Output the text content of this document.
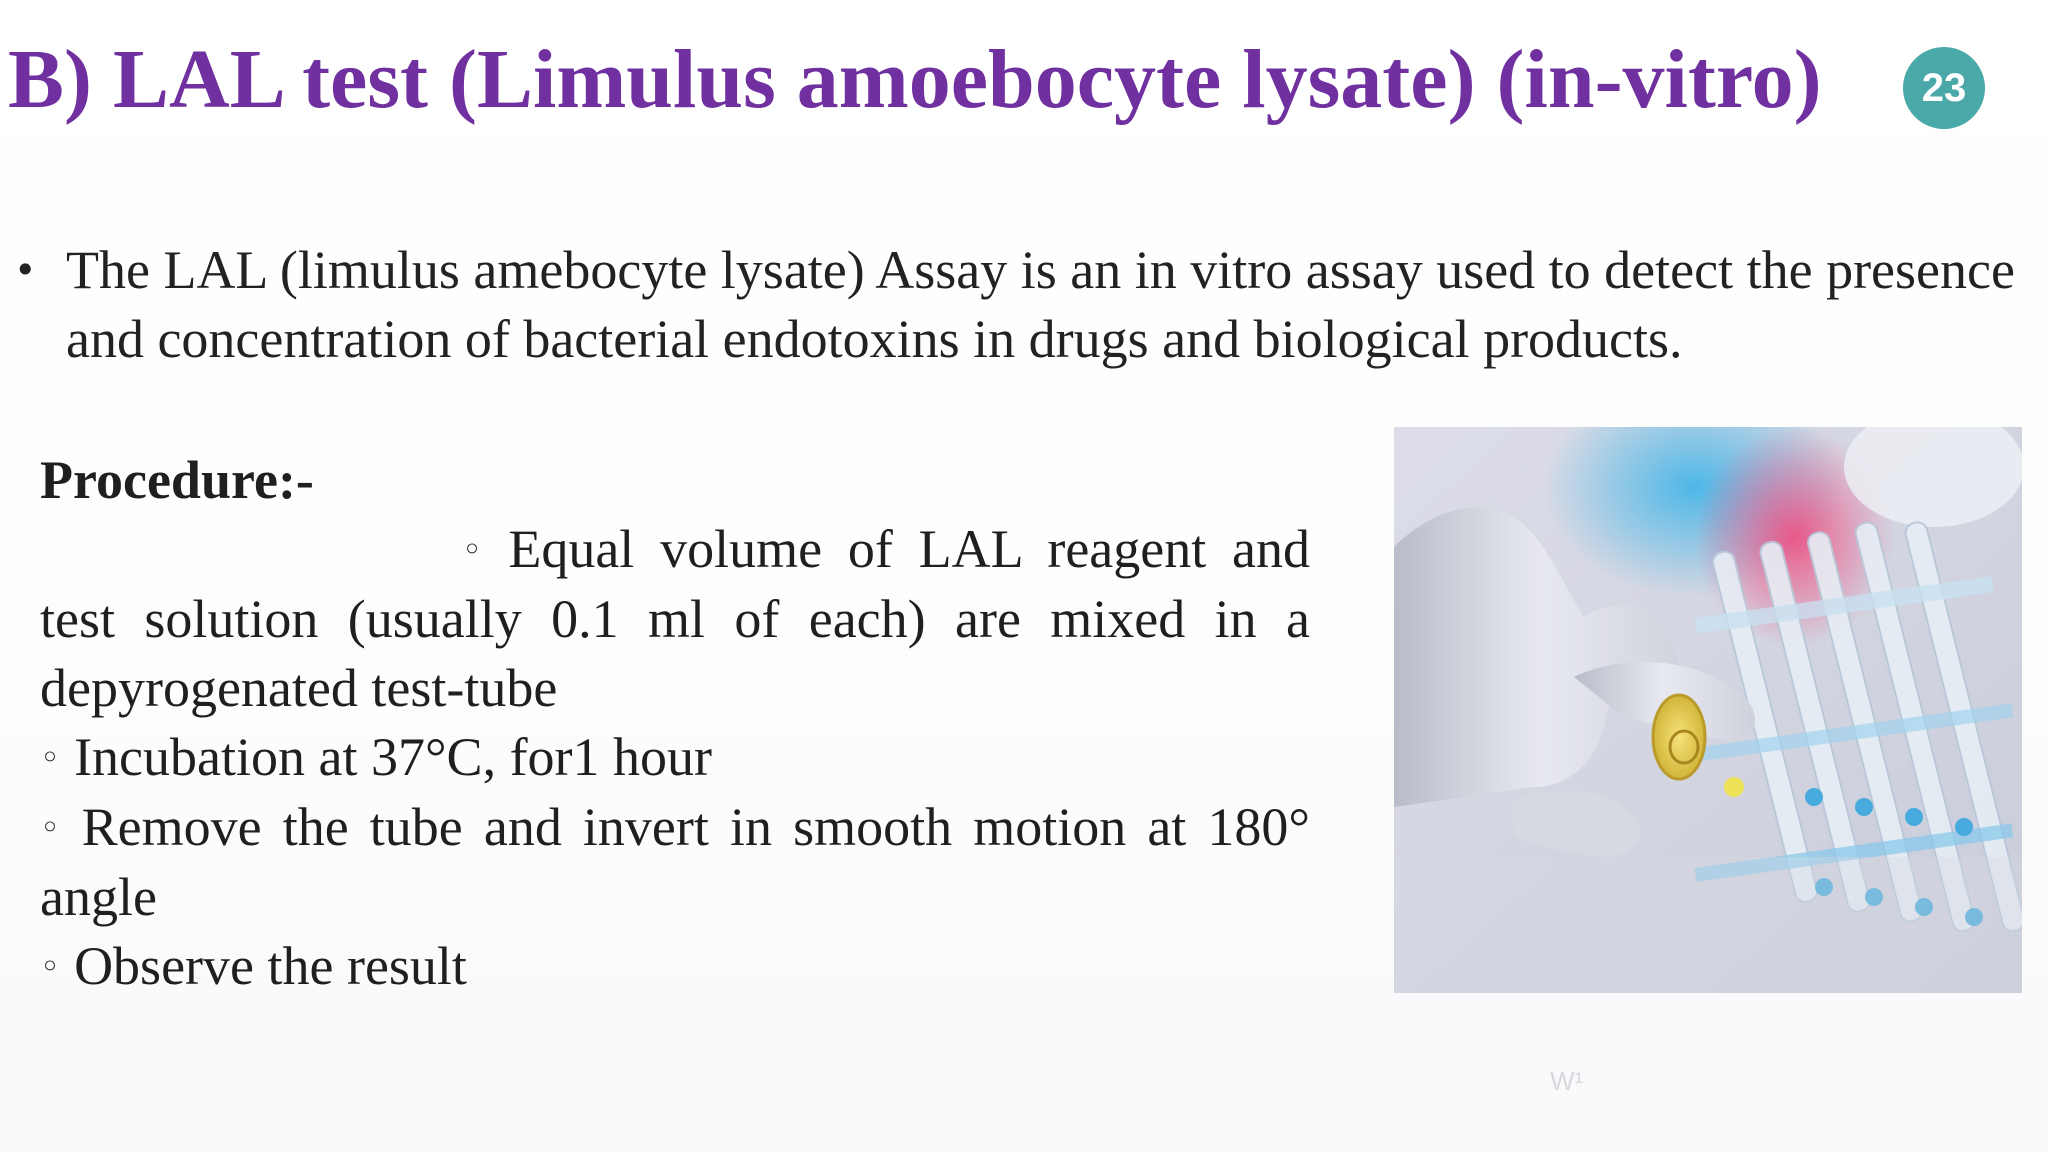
B) LAL test (Limulus amoebocyte lysate) (in-vitro)	23
• The LAL (limulus amebocyte lysate) Assay is an in vitro assay used to detect the presence and concentration of bacterial endotoxins in drugs and biological products.
Procedure:-
◦ Equal volume of LAL reagent and test solution (usually 0.1 ml of each) are mixed in a depyrogenated test-tube
◦ Incubation at 37°C, for1 hour
◦ Remove the tube and invert in smooth motion at 180° angle
◦ Observe the result
W¹
